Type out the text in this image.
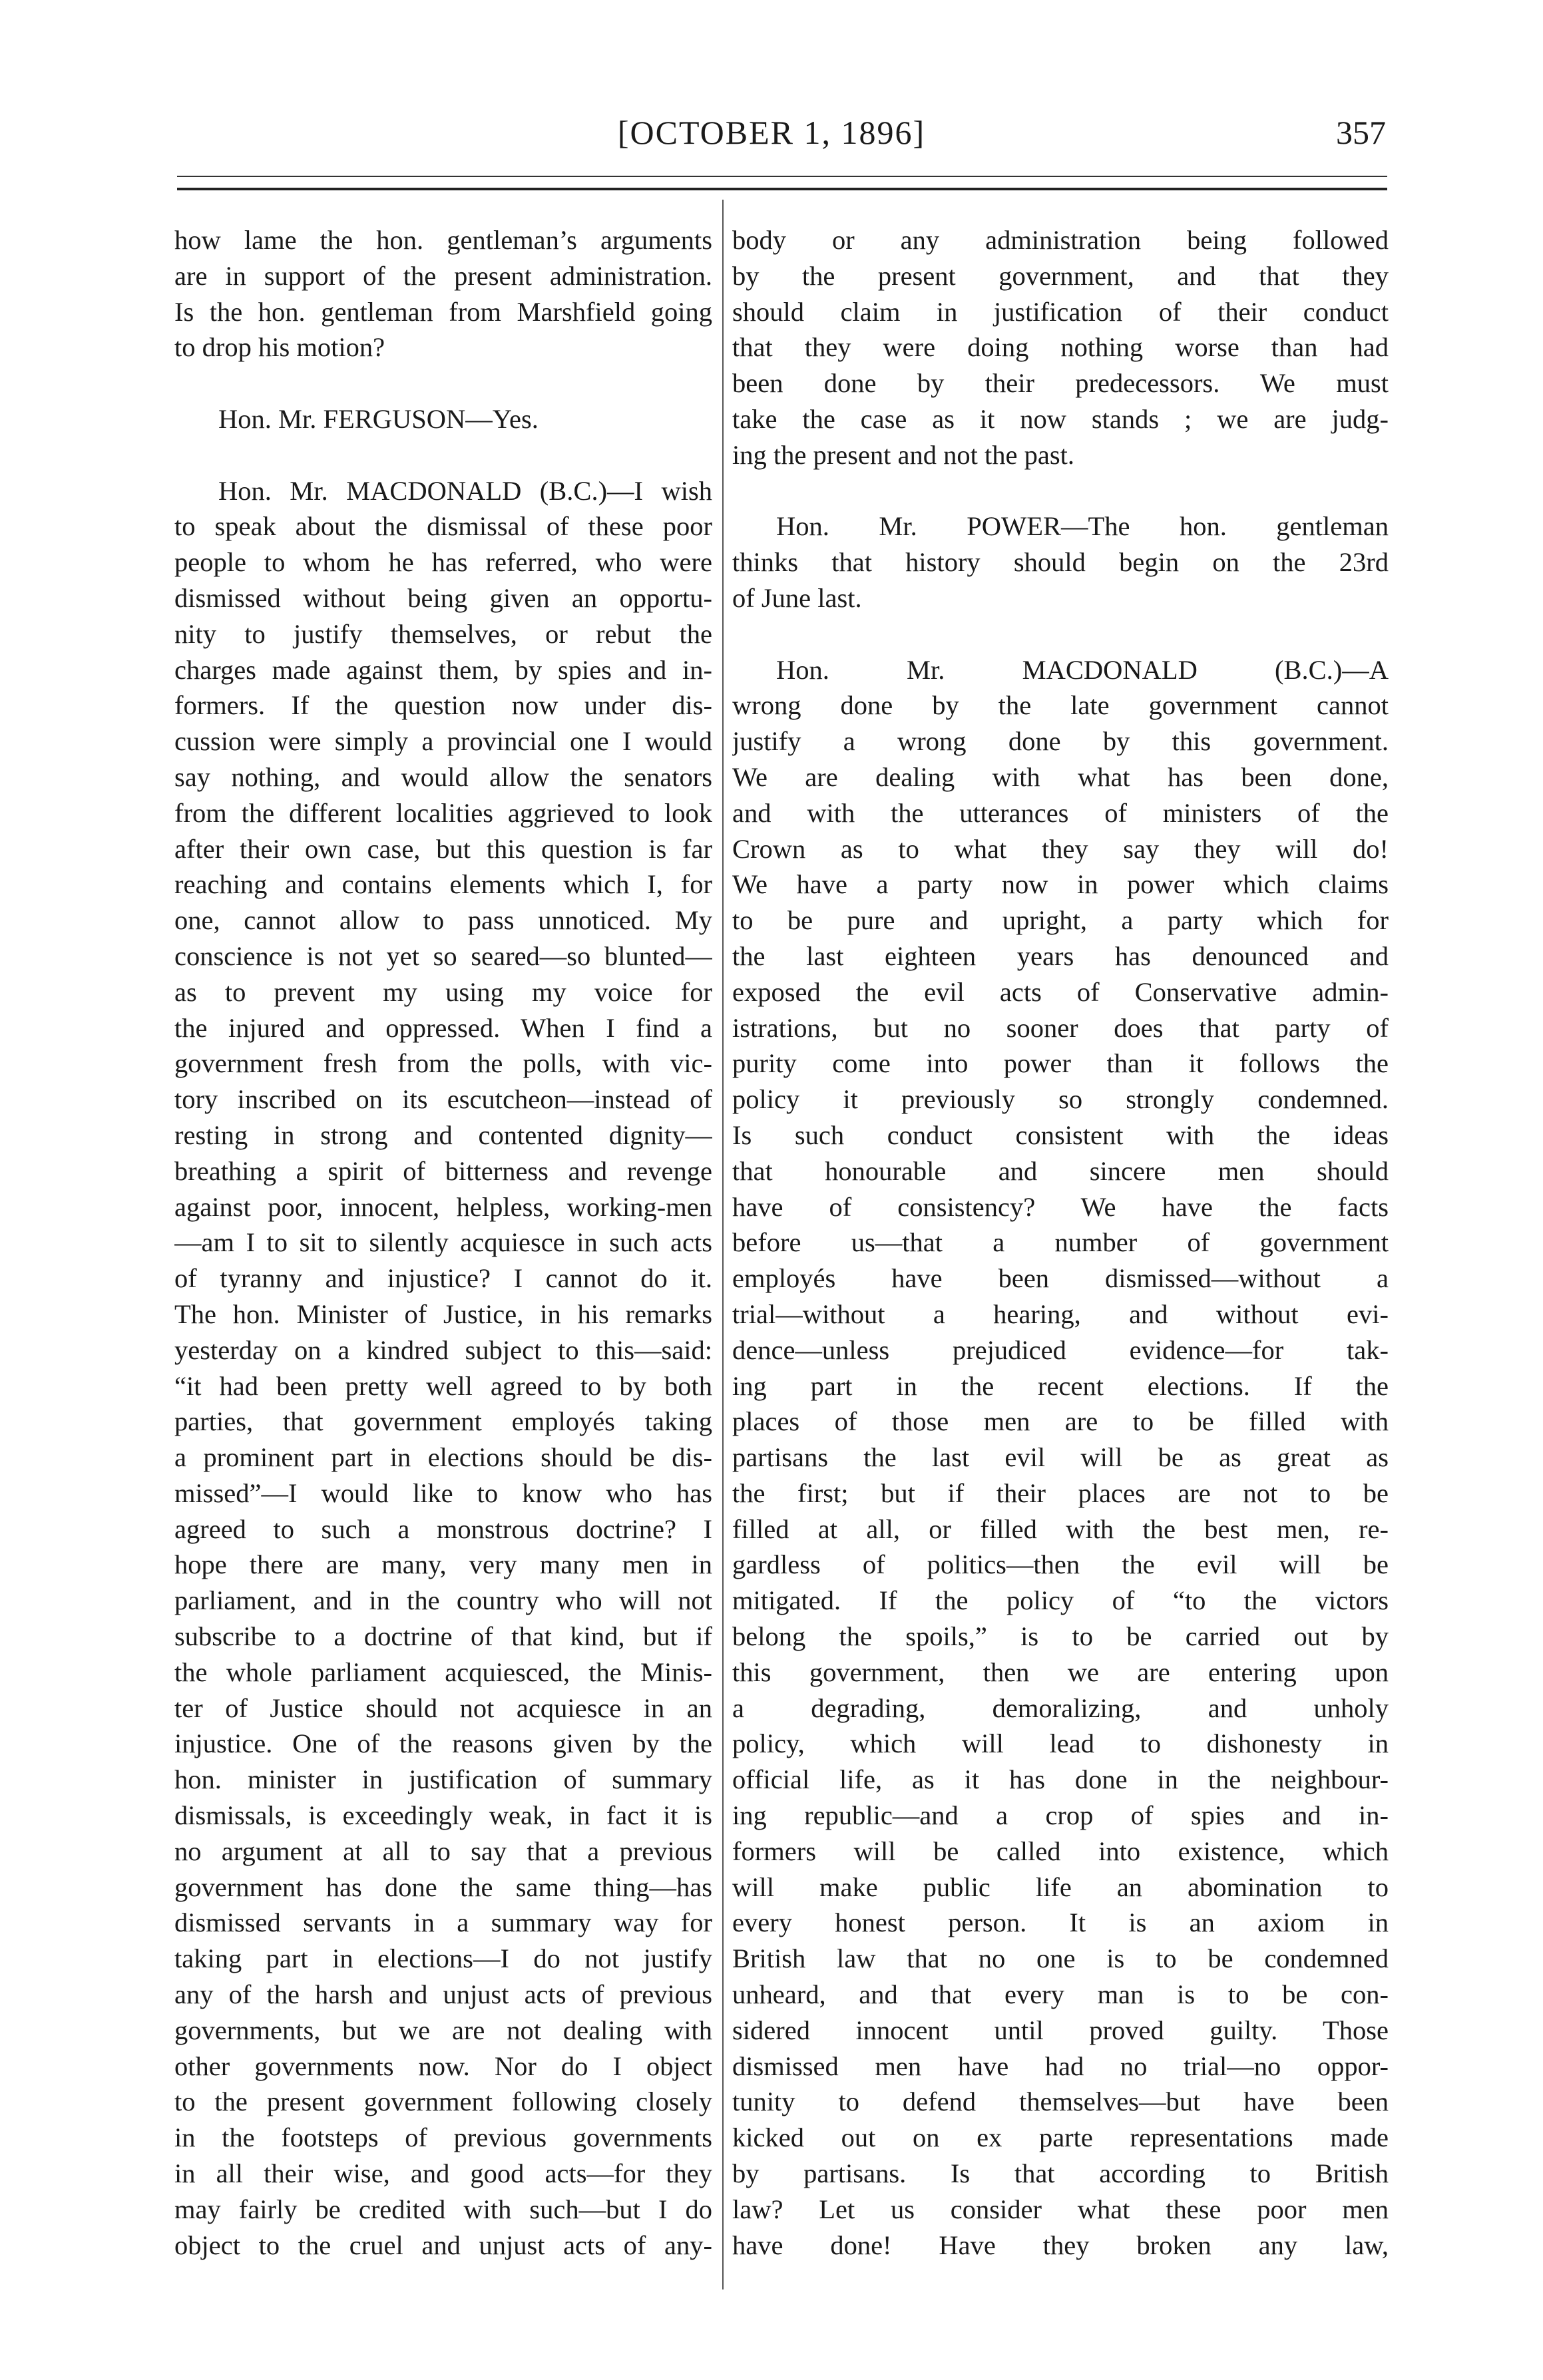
[OCTOBER 1, 1896]	357
how lame the hon. gentleman’s arguments
are in support of the present administration.
Is the hon. gentleman from Marshfield going
to drop his motion?
Hon. Mr. FERGUSON—Yes.
Hon. Mr. MACDONALD (B.C.)—I wish
to speak about the dismissal of these poor
people to whom he has referred, who were
dismissed without being given an opportu-
nity to justify themselves, or rebut the
charges made against them, by spies and in-
formers. If the question now under dis-
cussion were simply a provincial one I would
say nothing, and would allow the senators
from the different localities aggrieved to look
after their own case, but this question is far
reaching and contains elements which I, for
one, cannot allow to pass unnoticed. My
conscience is not yet so seared—so blunted—
as to prevent my using my voice for
the injured and oppressed. When I find a
government fresh from the polls, with vic-
tory inscribed on its escutcheon—instead of
resting in strong and contented dignity—
breathing a spirit of bitterness and revenge
against poor, innocent, helpless, working-men
—am I to sit to silently acquiesce in such acts
of tyranny and injustice? I cannot do it.
The hon. Minister of Justice, in his remarks
yesterday on a kindred subject to this—said:
“it had been pretty well agreed to by both
parties, that government employés taking
a prominent part in elections should be dis-
missed”—I would like to know who has
agreed to such a monstrous doctrine? I
hope there are many, very many men in
parliament, and in the country who will not
subscribe to a doctrine of that kind, but if
the whole parliament acquiesced, the Minis-
ter of Justice should not acquiesce in an
injustice. One of the reasons given by the
hon. minister in justification of summary
dismissals, is exceedingly weak, in fact it is
no argument at all to say that a previous
government has done the same thing—has
dismissed servants in a summary way for
taking part in elections—I do not justify
any of the harsh and unjust acts of previous
governments, but we are not dealing with
other governments now. Nor do I object
to the present government following closely
in the footsteps of previous governments
in all their wise, and good acts—for they
may fairly be credited with such—but I do
object to the cruel and unjust acts of any-
body or any administration being followed
by the present government, and that they
should claim in justification of their conduct
that they were doing nothing worse than had
been done by their predecessors. We must
take the case as it now stands ; we are judg-
ing the present and not the past.
Hon. Mr. POWER—The hon. gentleman
thinks that history should begin on the 23rd
of June last.
Hon. Mr. MACDONALD (B.C.)—A
wrong done by the late government cannot
justify a wrong done by this government.
We are dealing with what has been done,
and with the utterances of ministers of the
Crown as to what they say they will do!
We have a party now in power which claims
to be pure and upright, a party which for
the last eighteen years has denounced and
exposed the evil acts of Conservative admin-
istrations, but no sooner does that party of
purity come into power than it follows the
policy it previously so strongly condemned.
Is such conduct consistent with the ideas
that honourable and sincere men should
have of consistency? We have the facts
before us—that a number of government
employés have been dismissed—without a
trial—without a hearing, and without evi-
dence—unless prejudiced evidence—for tak-
ing part in the recent elections. If the
places of those men are to be filled with
partisans the last evil will be as great as
the first; but if their places are not to be
filled at all, or filled with the best men, re-
gardless of politics—then the evil will be
mitigated. If the policy of “to the victors
belong the spoils,” is to be carried out by
this government, then we are entering upon
a degrading, demoralizing, and unholy
policy, which will lead to dishonesty in
official life, as it has done in the neighbour-
ing republic—and a crop of spies and in-
formers will be called into existence, which
will make public life an abomination to
every honest person. It is an axiom in
British law that no one is to be condemned
unheard, and that every man is to be con-
sidered innocent until proved guilty. Those
dismissed men have had no trial—no oppor-
tunity to defend themselves—but have been
kicked out on ex parte representations made
by partisans. Is that according to British
law? Let us consider what these poor men
have done! Have they broken any law,
